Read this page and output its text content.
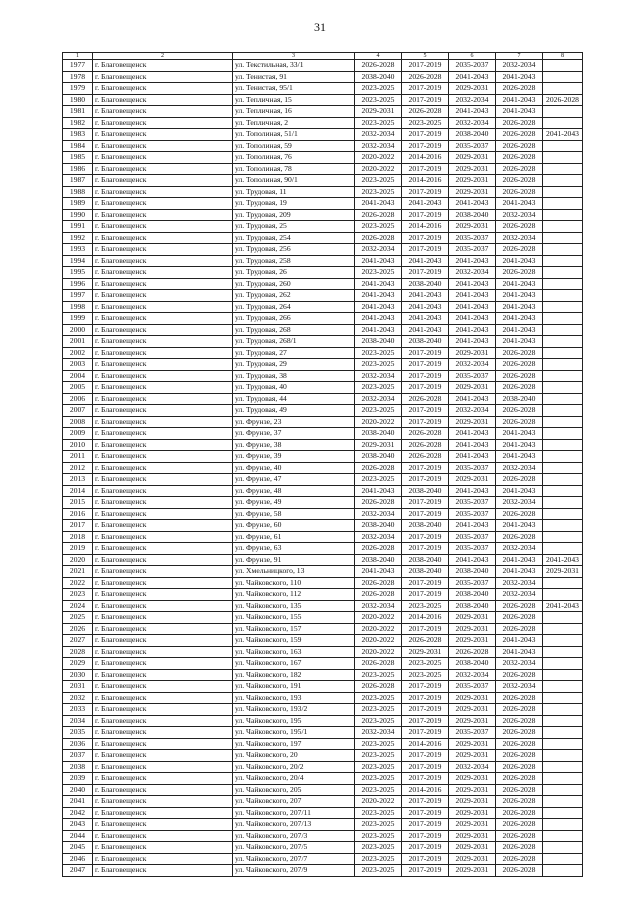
31
1	2	3	4	5	6	7	8
1977	г. Благовещенск	ул. Текстильная, 33/1	2026-2028	2017-2019	2035-2037	2032-2034	
1978	г. Благовещенск	ул. Тенистая, 91	2038-2040	2026-2028	2041-2043	2041-2043	
1979	г. Благовещенск	ул. Тенистая, 95/1	2023-2025	2017-2019	2029-2031	2026-2028	
1980	г. Благовещенск	ул. Тепличная, 15	2023-2025	2017-2019	2032-2034	2041-2043	2026-2028
1981	г. Благовещенск	ул. Тепличная, 16	2029-2031	2026-2028	2041-2043	2041-2043	
1982	г. Благовещенск	ул. Тепличная, 2	2023-2025	2023-2025	2032-2034	2026-2028	
1983	г. Благовещенск	ул. Тополиная, 51/1	2032-2034	2017-2019	2038-2040	2026-2028	2041-2043
1984	г. Благовещенск	ул. Тополиная, 59	2032-2034	2017-2019	2035-2037	2026-2028	
1985	г. Благовещенск	ул. Тополиная, 76	2020-2022	2014-2016	2029-2031	2026-2028	
1986	г. Благовещенск	ул. Тополиная, 78	2020-2022	2017-2019	2029-2031	2026-2028	
1987	г. Благовещенск	ул. Тополиная, 90/1	2023-2025	2014-2016	2029-2031	2026-2028	
1988	г. Благовещенск	ул. Трудовая, 11	2023-2025	2017-2019	2029-2031	2026-2028	
1989	г. Благовещенск	ул. Трудовая, 19	2041-2043	2041-2043	2041-2043	2041-2043	
1990	г. Благовещенск	ул. Трудовая, 209	2026-2028	2017-2019	2038-2040	2032-2034	
1991	г. Благовещенск	ул. Трудовая, 25	2023-2025	2014-2016	2029-2031	2026-2028	
1992	г. Благовещенск	ул. Трудовая, 254	2026-2028	2017-2019	2035-2037	2032-2034	
1993	г. Благовещенск	ул. Трудовая, 256	2032-2034	2017-2019	2035-2037	2026-2028	
1994	г. Благовещенск	ул. Трудовая, 258	2041-2043	2041-2043	2041-2043	2041-2043	
1995	г. Благовещенск	ул. Трудовая, 26	2023-2025	2017-2019	2032-2034	2026-2028	
1996	г. Благовещенск	ул. Трудовая, 260	2041-2043	2038-2040	2041-2043	2041-2043	
1997	г. Благовещенск	ул. Трудовая, 262	2041-2043	2041-2043	2041-2043	2041-2043	
1998	г. Благовещенск	ул. Трудовая, 264	2041-2043	2041-2043	2041-2043	2041-2043	
1999	г. Благовещенск	ул. Трудовая, 266	2041-2043	2041-2043	2041-2043	2041-2043	
2000	г. Благовещенск	ул. Трудовая, 268	2041-2043	2041-2043	2041-2043	2041-2043	
2001	г. Благовещенск	ул. Трудовая, 268/1	2038-2040	2038-2040	2041-2043	2041-2043	
2002	г. Благовещенск	ул. Трудовая, 27	2023-2025	2017-2019	2029-2031	2026-2028	
2003	г. Благовещенск	ул. Трудовая, 29	2023-2025	2017-2019	2032-2034	2026-2028	
2004	г. Благовещенск	ул. Трудовая, 38	2032-2034	2017-2019	2035-2037	2026-2028	
2005	г. Благовещенск	ул. Трудовая, 40	2023-2025	2017-2019	2029-2031	2026-2028	
2006	г. Благовещенск	ул. Трудовая, 44	2032-2034	2026-2028	2041-2043	2038-2040	
2007	г. Благовещенск	ул. Трудовая, 49	2023-2025	2017-2019	2032-2034	2026-2028	
2008	г. Благовещенск	ул. Фрунзе, 23	2020-2022	2017-2019	2029-2031	2026-2028	
2009	г. Благовещенск	ул. Фрунзе, 37	2038-2040	2026-2028	2041-2043	2041-2043	
2010	г. Благовещенск	ул. Фрунзе, 38	2029-2031	2026-2028	2041-2043	2041-2043	
2011	г. Благовещенск	ул. Фрунзе, 39	2038-2040	2026-2028	2041-2043	2041-2043	
2012	г. Благовещенск	ул. Фрунзе, 40	2026-2028	2017-2019	2035-2037	2032-2034	
2013	г. Благовещенск	ул. Фрунзе, 47	2023-2025	2017-2019	2029-2031	2026-2028	
2014	г. Благовещенск	ул. Фрунзе, 48	2041-2043	2038-2040	2041-2043	2041-2043	
2015	г. Благовещенск	ул. Фрунзе, 49	2026-2028	2017-2019	2035-2037	2032-2034	
2016	г. Благовещенск	ул. Фрунзе, 58	2032-2034	2017-2019	2035-2037	2026-2028	
2017	г. Благовещенск	ул. Фрунзе, 60	2038-2040	2038-2040	2041-2043	2041-2043	
2018	г. Благовещенск	ул. Фрунзе, 61	2032-2034	2017-2019	2035-2037	2026-2028	
2019	г. Благовещенск	ул. Фрунзе, 63	2026-2028	2017-2019	2035-2037	2032-2034	
2020	г. Благовещенск	ул. Фрунзе, 91	2038-2040	2038-2040	2041-2043	2041-2043	2041-2043
2021	г. Благовещенск	ул. Хмельницкого, 13	2041-2043	2038-2040	2038-2040	2041-2043	2029-2031
2022	г. Благовещенск	ул. Чайковского, 110	2026-2028	2017-2019	2035-2037	2032-2034	
2023	г. Благовещенск	ул. Чайковского, 112	2026-2028	2017-2019	2038-2040	2032-2034	
2024	г. Благовещенск	ул. Чайковского, 135	2032-2034	2023-2025	2038-2040	2026-2028	2041-2043
2025	г. Благовещенск	ул. Чайковского, 155	2020-2022	2014-2016	2029-2031	2026-2028	
2026	г. Благовещенск	ул. Чайковского, 157	2020-2022	2017-2019	2029-2031	2026-2028	
2027	г. Благовещенск	ул. Чайковского, 159	2020-2022	2026-2028	2029-2031	2041-2043	
2028	г. Благовещенск	ул. Чайковского, 163	2020-2022	2029-2031	2026-2028	2041-2043	
2029	г. Благовещенск	ул. Чайковского, 167	2026-2028	2023-2025	2038-2040	2032-2034	
2030	г. Благовещенск	ул. Чайковского, 182	2023-2025	2023-2025	2032-2034	2026-2028	
2031	г. Благовещенск	ул. Чайковского, 191	2026-2028	2017-2019	2035-2037	2032-2034	
2032	г. Благовещенск	ул. Чайковского, 193	2023-2025	2017-2019	2029-2031	2026-2028	
2033	г. Благовещенск	ул. Чайковского, 193/2	2023-2025	2017-2019	2029-2031	2026-2028	
2034	г. Благовещенск	ул. Чайковского, 195	2023-2025	2017-2019	2029-2031	2026-2028	
2035	г. Благовещенск	ул. Чайковского, 195/1	2032-2034	2017-2019	2035-2037	2026-2028	
2036	г. Благовещенск	ул. Чайковского, 197	2023-2025	2014-2016	2029-2031	2026-2028	
2037	г. Благовещенск	ул. Чайковского, 20	2023-2025	2017-2019	2029-2031	2026-2028	
2038	г. Благовещенск	ул. Чайковского, 20/2	2023-2025	2017-2019	2032-2034	2026-2028	
2039	г. Благовещенск	ул. Чайковского, 20/4	2023-2025	2017-2019	2029-2031	2026-2028	
2040	г. Благовещенск	ул. Чайковского, 205	2023-2025	2014-2016	2029-2031	2026-2028	
2041	г. Благовещенск	ул. Чайковского, 207	2020-2022	2017-2019	2029-2031	2026-2028	
2042	г. Благовещенск	ул. Чайковского, 207/11	2023-2025	2017-2019	2029-2031	2026-2028	
2043	г. Благовещенск	ул. Чайковского, 207/13	2023-2025	2017-2019	2029-2031	2026-2028	
2044	г. Благовещенск	ул. Чайковского, 207/3	2023-2025	2017-2019	2029-2031	2026-2028	
2045	г. Благовещенск	ул. Чайковского, 207/5	2023-2025	2017-2019	2029-2031	2026-2028	
2046	г. Благовещенск	ул. Чайковского, 207/7	2023-2025	2017-2019	2029-2031	2026-2028	
2047	г. Благовещенск	ул. Чайковского, 207/9	2023-2025	2017-2019	2029-2031	2026-2028	
